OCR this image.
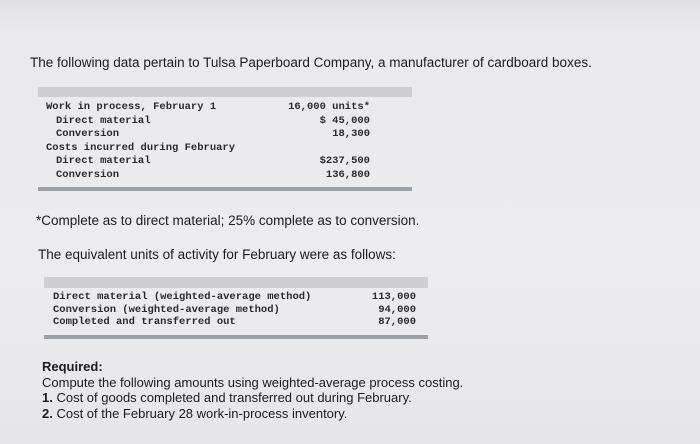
The following data pertain to Tulsa Paperboard Company, a manufacturer of cardboard boxes.
Work in process, February 1	16,000 units*
Direct material	$ 45,000
Conversion	18,300
Costs incurred during February
Direct material	$237,500
Conversion	136,800
*Complete as to direct material; 25% complete as to conversion.
The equivalent units of activity for February were as follows:
Direct material (weighted-average method)	113,000
Conversion (weighted-average method)	94,000
Completed and transferred out	87,000
Required:
Compute the following amounts using weighted-average process costing.
1. Cost of goods completed and transferred out during February.
2. Cost of the February 28 work-in-process inventory.
